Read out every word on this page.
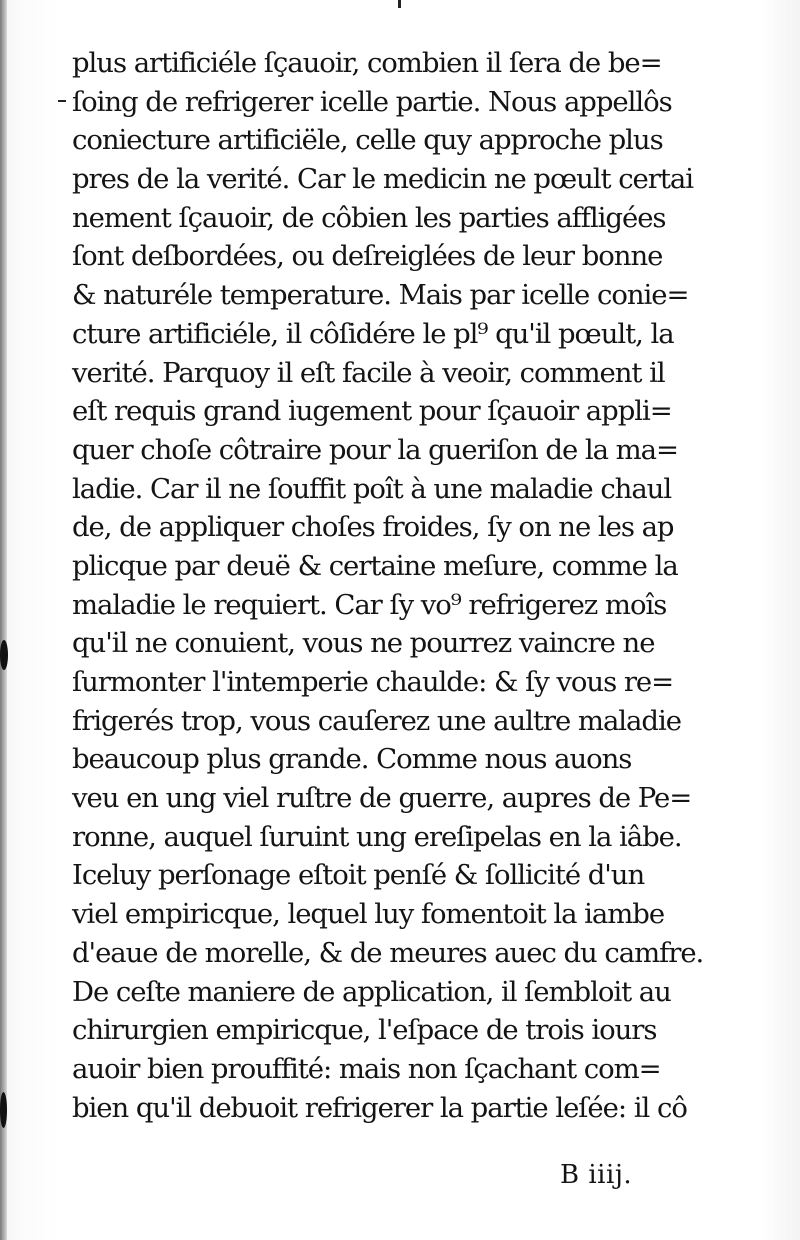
plus artificiéle ſçauoir, combien il ſera de be=
ſoing de refrigerer icelle partie. Nous appellôs
coniecture artificiële, celle quy approche plus
pres de la verité. Car le medicin ne pœult certai
nement ſçauoir, de côbien les parties affligées
ſont deſbordées, ou deſreiglées de leur bonne
& naturéle temperature. Mais par icelle conie=
cture artificiéle, il côſidére le pl⁹ qu'il pœult, la
verité. Parquoy il eſt facile à veoir, comment il
eſt requis grand iugement pour ſçauoir appli=
quer choſe côtraire pour la gueriſon de la ma=
ladie. Car il ne ſouffit poît à une maladie chaul
de, de appliquer choſes froides, ſy on ne les ap
plicque par deuë & certaine meſure, comme la
maladie le requiert. Car ſy vo⁹ refrigerez moîs
qu'il ne conuient, vous ne pourrez vaincre ne
ſurmonter l'intemperie chaulde: & ſy vous re=
frigerés trop, vous cauſerez une aultre maladie
beaucoup plus grande. Comme nous auons
veu en ung viel ruſtre de guerre, aupres de Pe=
ronne, auquel ſuruint ung ereſipelas en la iâbe.
Iceluy perſonage eſtoit penſé & ſollicité d'un
viel empiricque, lequel luy fomentoit la iambe
d'eaue de morelle, & de meures auec du camfre.
De ceſte maniere de application, il ſembloit au
chirurgien empiricque, l'eſpace de trois iours
auoir bien prouffité: mais non ſçachant com=
bien qu'il debuoit refrigerer la partie leſée: il cô
B iiij.
